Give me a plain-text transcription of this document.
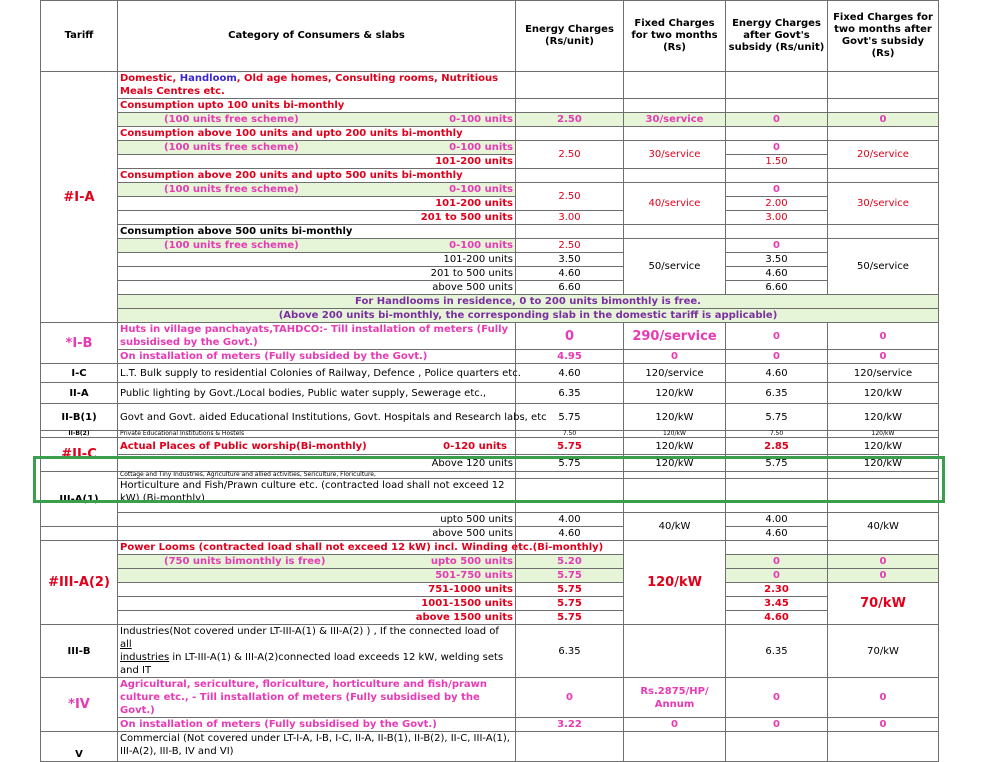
Tariff	Category of Consumers & slabs	Energy Charges (Rs/unit)	Fixed Charges for two months (Rs)	Energy Charges after Govt's subsidy (Rs/unit)	Fixed Charges for two months after Govt's subsidy (Rs)
#I-A	Domestic, Handloom, Old age homes, Consulting rooms, Nutritious Meals Centres etc.				
	Consumption upto 100 units bi-monthly				
	(100 units free scheme) 0-100 units	2.50	30/service	0	0
	Consumption above 100 units and upto 200 units bi-monthly				
	(100 units free scheme) 0-100 units	2.50	30/service	0	20/service
	101-200 units			1.50	
	Consumption above 200 units and upto 500 units bi-monthly				
	(100 units free scheme) 0-100 units	2.50	40/service	0	30/service
	101-200 units			2.00	
	201 to 500 units	3.00		3.00	
	Consumption above 500 units bi-monthly				
	(100 units free scheme) 0-100 units	2.50	50/service	0	50/service
	101-200 units	3.50		3.50	
	201 to 500 units	4.60		4.60	
	above 500 units	6.60		6.60	
	For Handlooms in residence, 0 to 200 units bimonthly is free.				
	(Above 200 units bi-monthly, the corresponding slab in the domestic tariff is applicable)				
*I-B	Huts in village panchayats,TAHDCO:- Till installation of meters (Fully subsidised by the Govt.)	0	290/service	0	0
	On installation of meters (Fully subsided by the Govt.)	4.95	0	0	0
I-C	L.T. Bulk supply to residential Colonies of Railway, Defence , Police quarters etc.	4.60	120/service	4.60	120/service
II-A	Public lighting by Govt./Local bodies, Public water supply, Sewerage etc.,	6.35	120/kW	6.35	120/kW
II-B(1)	Govt and Govt. aided Educational Institutions, Govt. Hospitals and Research labs, etc	5.75	120/kW	5.75	120/kW
II-B(2)	Private Educational Institutions & Hostels	7.50	120/kW	7.50	120/kW
#II-C	Actual Places of Public worship(Bi-monthly) 0-120 units	5.75	120/kW	2.85	120/kW
	Above 120 units	5.75	120/kW	5.75	120/kW
III-A(1)	Cottage and Tiny Industries, Agriculture and allied activities, Sericulture, Floriculture,				
	Horticulture and Fish/Prawn culture etc. (contracted load shall not exceed 12 kW) (Bi-monthly)				
	upto 500 units	4.00	40/kW	4.00	40/kW
	above 500 units	4.60		4.60	
#III-A(2)	Power Looms (contracted load shall not exceed 12 kW) incl. Winding etc.(Bi-monthly)		120/kW		
	(750 units bimonthly is free) upto 500 units	5.20		0	0
	501-750 units	5.75		0	0
	751-1000 units	5.75		2.30	70/kW
	1001-1500 units	5.75		3.45	
	above 1500 units	5.75		4.60	
III-B	Industries(Not covered under LT-III-A(1) & III-A(2) ) , If the connected load of all
industries in LT-III-A(1) & III-A(2)connected load exceeds 12 kW, welding sets and IT	6.35		6.35	70/kW
*IV	Agricultural, sericulture, floriculture, horticulture and fish/prawn culture etc., - Till installation of meters (Fully subsidised by the Govt.)	0	Rs.2875/HP/ Annum	0	0
	On installation of meters (Fully subsidised by the Govt.)	3.22	0	0	0
V	Commercial (Not covered under LT-I-A, I-B, I-C, II-A, II-B(1), II-B(2), II-C, III-A(1), III-A(2), III-B, IV and VI)				
